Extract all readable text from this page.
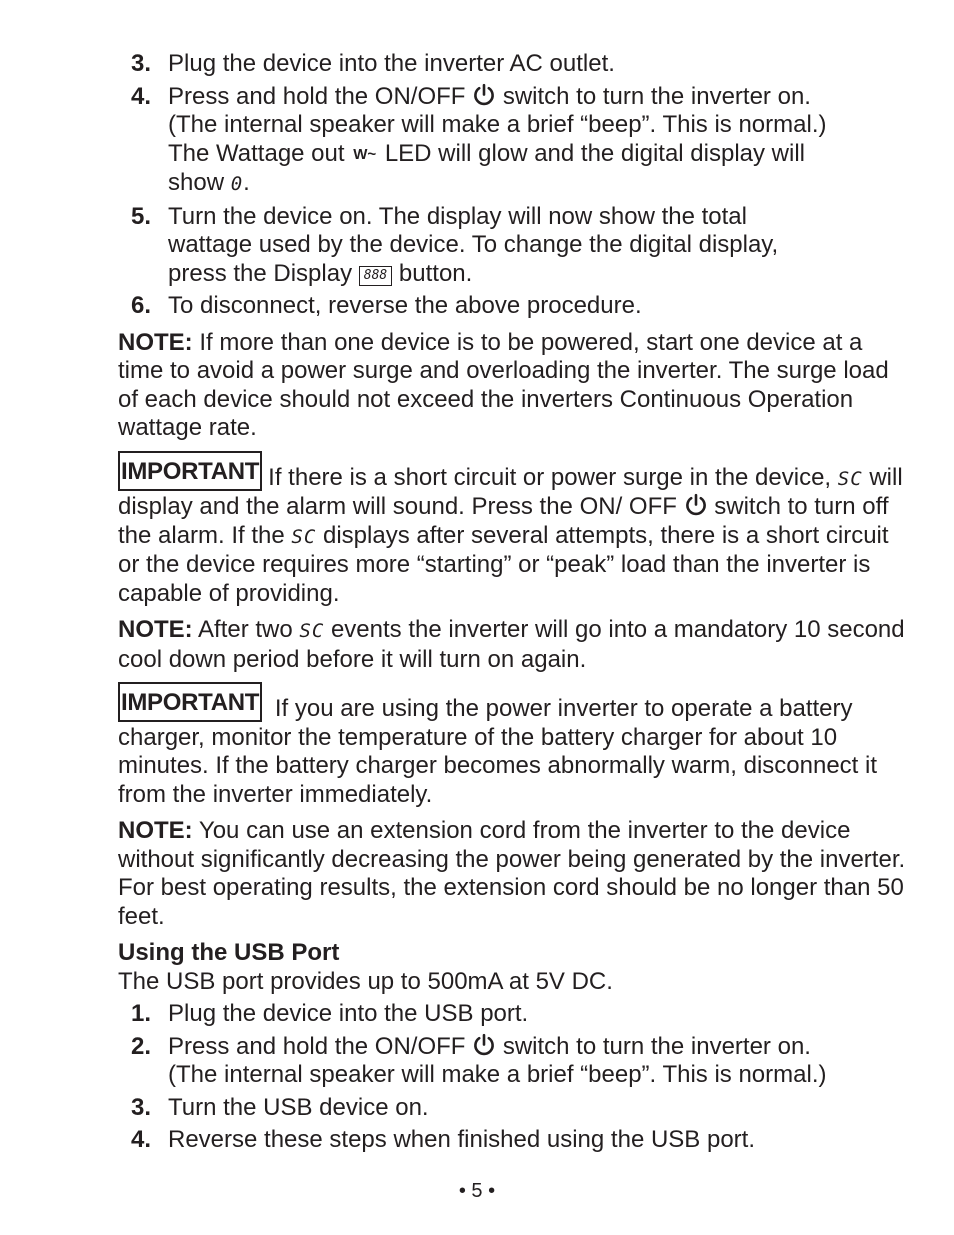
3. Plug the device into the inverter AC outlet.
4. Press and hold the ON/OFF switch to turn the inverter on.
(The internal speaker will make a brief “beep”. This is normal.)
The Wattage out W~ LED will glow and the digital display will
show 0.
5. Turn the device on. The display will now show the total
wattage used by the device. To change the digital display,
press the Display 888 button.
6. To disconnect, reverse the above procedure.

NOTE: If more than one device is to be powered, start one device at a time to avoid a power surge and overloading the inverter. The surge load of each device should not exceed the inverters Continuous Operation wattage rate.

IMPORTANT If there is a short circuit or power surge in the device, SC will display and the alarm will sound. Press the ON/ OFF switch to turn off the alarm. If the SC displays after several attempts, there is a short circuit or the device requires more “starting” or “peak” load than the inverter is capable of providing.

NOTE: After two SC events the inverter will go into a mandatory 10 second cool down period before it will turn on again.

IMPORTANT If you are using the power inverter to operate a battery charger, monitor the temperature of the battery charger for about 10 minutes. If the battery charger becomes abnormally warm, disconnect it from the inverter immediately.

NOTE: You can use an extension cord from the inverter to the device without significantly decreasing the power being generated by the inverter. For best operating results, the extension cord should be no longer than 50 feet.

Using the USB Port
The USB port provides up to 500mA at 5V DC.
1. Plug the device into the USB port.
2. Press and hold the ON/OFF switch to turn the inverter on.
(The internal speaker will make a brief “beep”. This is normal.)
3. Turn the USB device on.
4. Reverse these steps when finished using the USB port.
• 5 •
